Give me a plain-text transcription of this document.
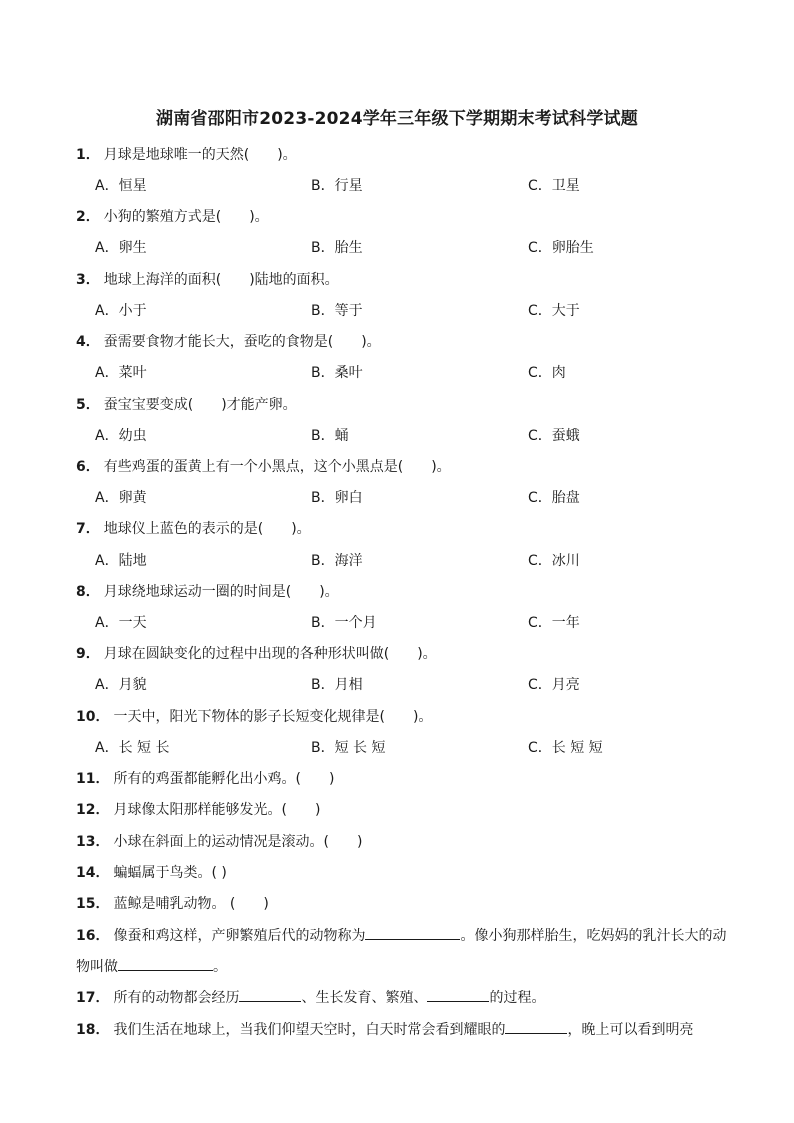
湖南省邵阳市2023-2024学年三年级下学期期末考试科学试题
1． 月球是地球唯一的天然(　　)。
A．恒星	B．行星	C．卫星
2． 小狗的繁殖方式是(　　)。
A．卵生	B．胎生	C．卵胎生
3． 地球上海洋的面积(　　)陆地的面积。
A．小于	B．等于	C．大于
4． 蚕需要食物才能长大，蚕吃的食物是(　　)。
A．菜叶	B．桑叶	C．肉
5． 蚕宝宝要变成(　　)才能产卵。
A．幼虫	B．蛹	C．蚕蛾
6． 有些鸡蛋的蛋黄上有一个小黑点，这个小黑点是(　　)。
A．卵黄	B．卵白	C．胎盘
7． 地球仪上蓝色的表示的是(　　)。
A．陆地	B．海洋	C．冰川
8． 月球绕地球运动一圈的时间是(　　)。
A．一天	B．一个月	C．一年
9． 月球在圆缺变化的过程中出现的各种形状叫做(　　)。
A．月貌	B．月相	C．月亮
10． 一天中，阳光下物体的影子长短变化规律是(　　)。
A．长 短 长	B．短 长 短	C．长 短 短
11． 所有的鸡蛋都能孵化出小鸡。(　　)
12． 月球像太阳那样能够发光。(　　)
13． 小球在斜面上的运动情况是滚动。(　　)
14． 蝙蝠属于鸟类。( )
15． 蓝鲸是哺乳动物。 (　　)
16． 像蚕和鸡这样，产卵繁殖后代的动物称为	。像小狗那样胎生，吃妈妈的乳汁长大的动
物叫做	。
17． 所有的动物都会经历	、生长发育、繁殖、	的过程。
18． 我们生活在地球上，当我们仰望天空时，白天时常会看到耀眼的	，晚上可以看到明亮
